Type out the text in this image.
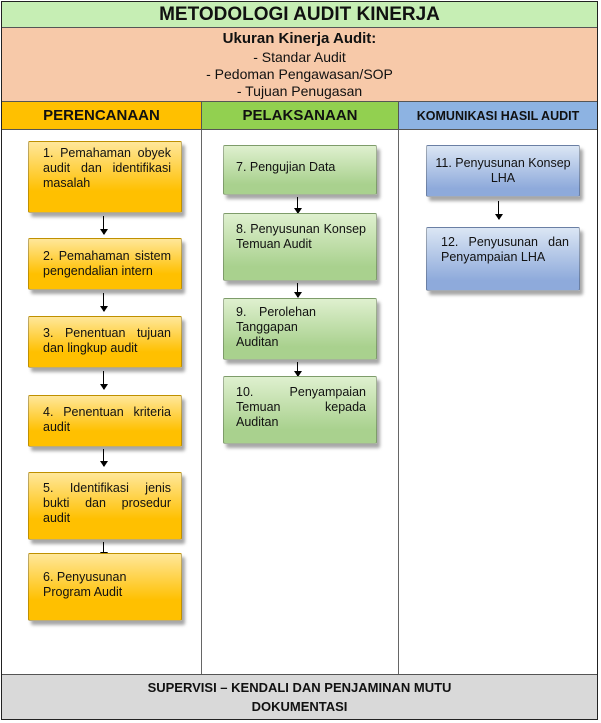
METODOLOGI AUDIT KINERJA
Ukuran Kinerja Audit:
- Standar Audit
- Pedoman Pengawasan/SOP
- Tujuan Penugasan
PERENCANAAN	PELAKSANAAN	KOMUNIKASI HASIL AUDIT
1. Pemahaman obyek audit dan identifikasi masalah
2. Pemahaman sistem pengendalian intern
3. Penentuan tujuan dan lingkup audit
4. Penentuan kriteria audit
5. Identifikasi jenis bukti dan prosedur audit
6. Penyusunan Program Audit
7. Pengujian Data
8. Penyusunan Konsep Temuan Audit
9. Perolehan Tanggapan Auditan
10. Penyampaian Temuan kepada Auditan
11. Penyusunan Konsep LHA
12. Penyusunan dan Penyampaian LHA
SUPERVISI – KENDALI DAN PENJAMINAN MUTU
DOKUMENTASI
